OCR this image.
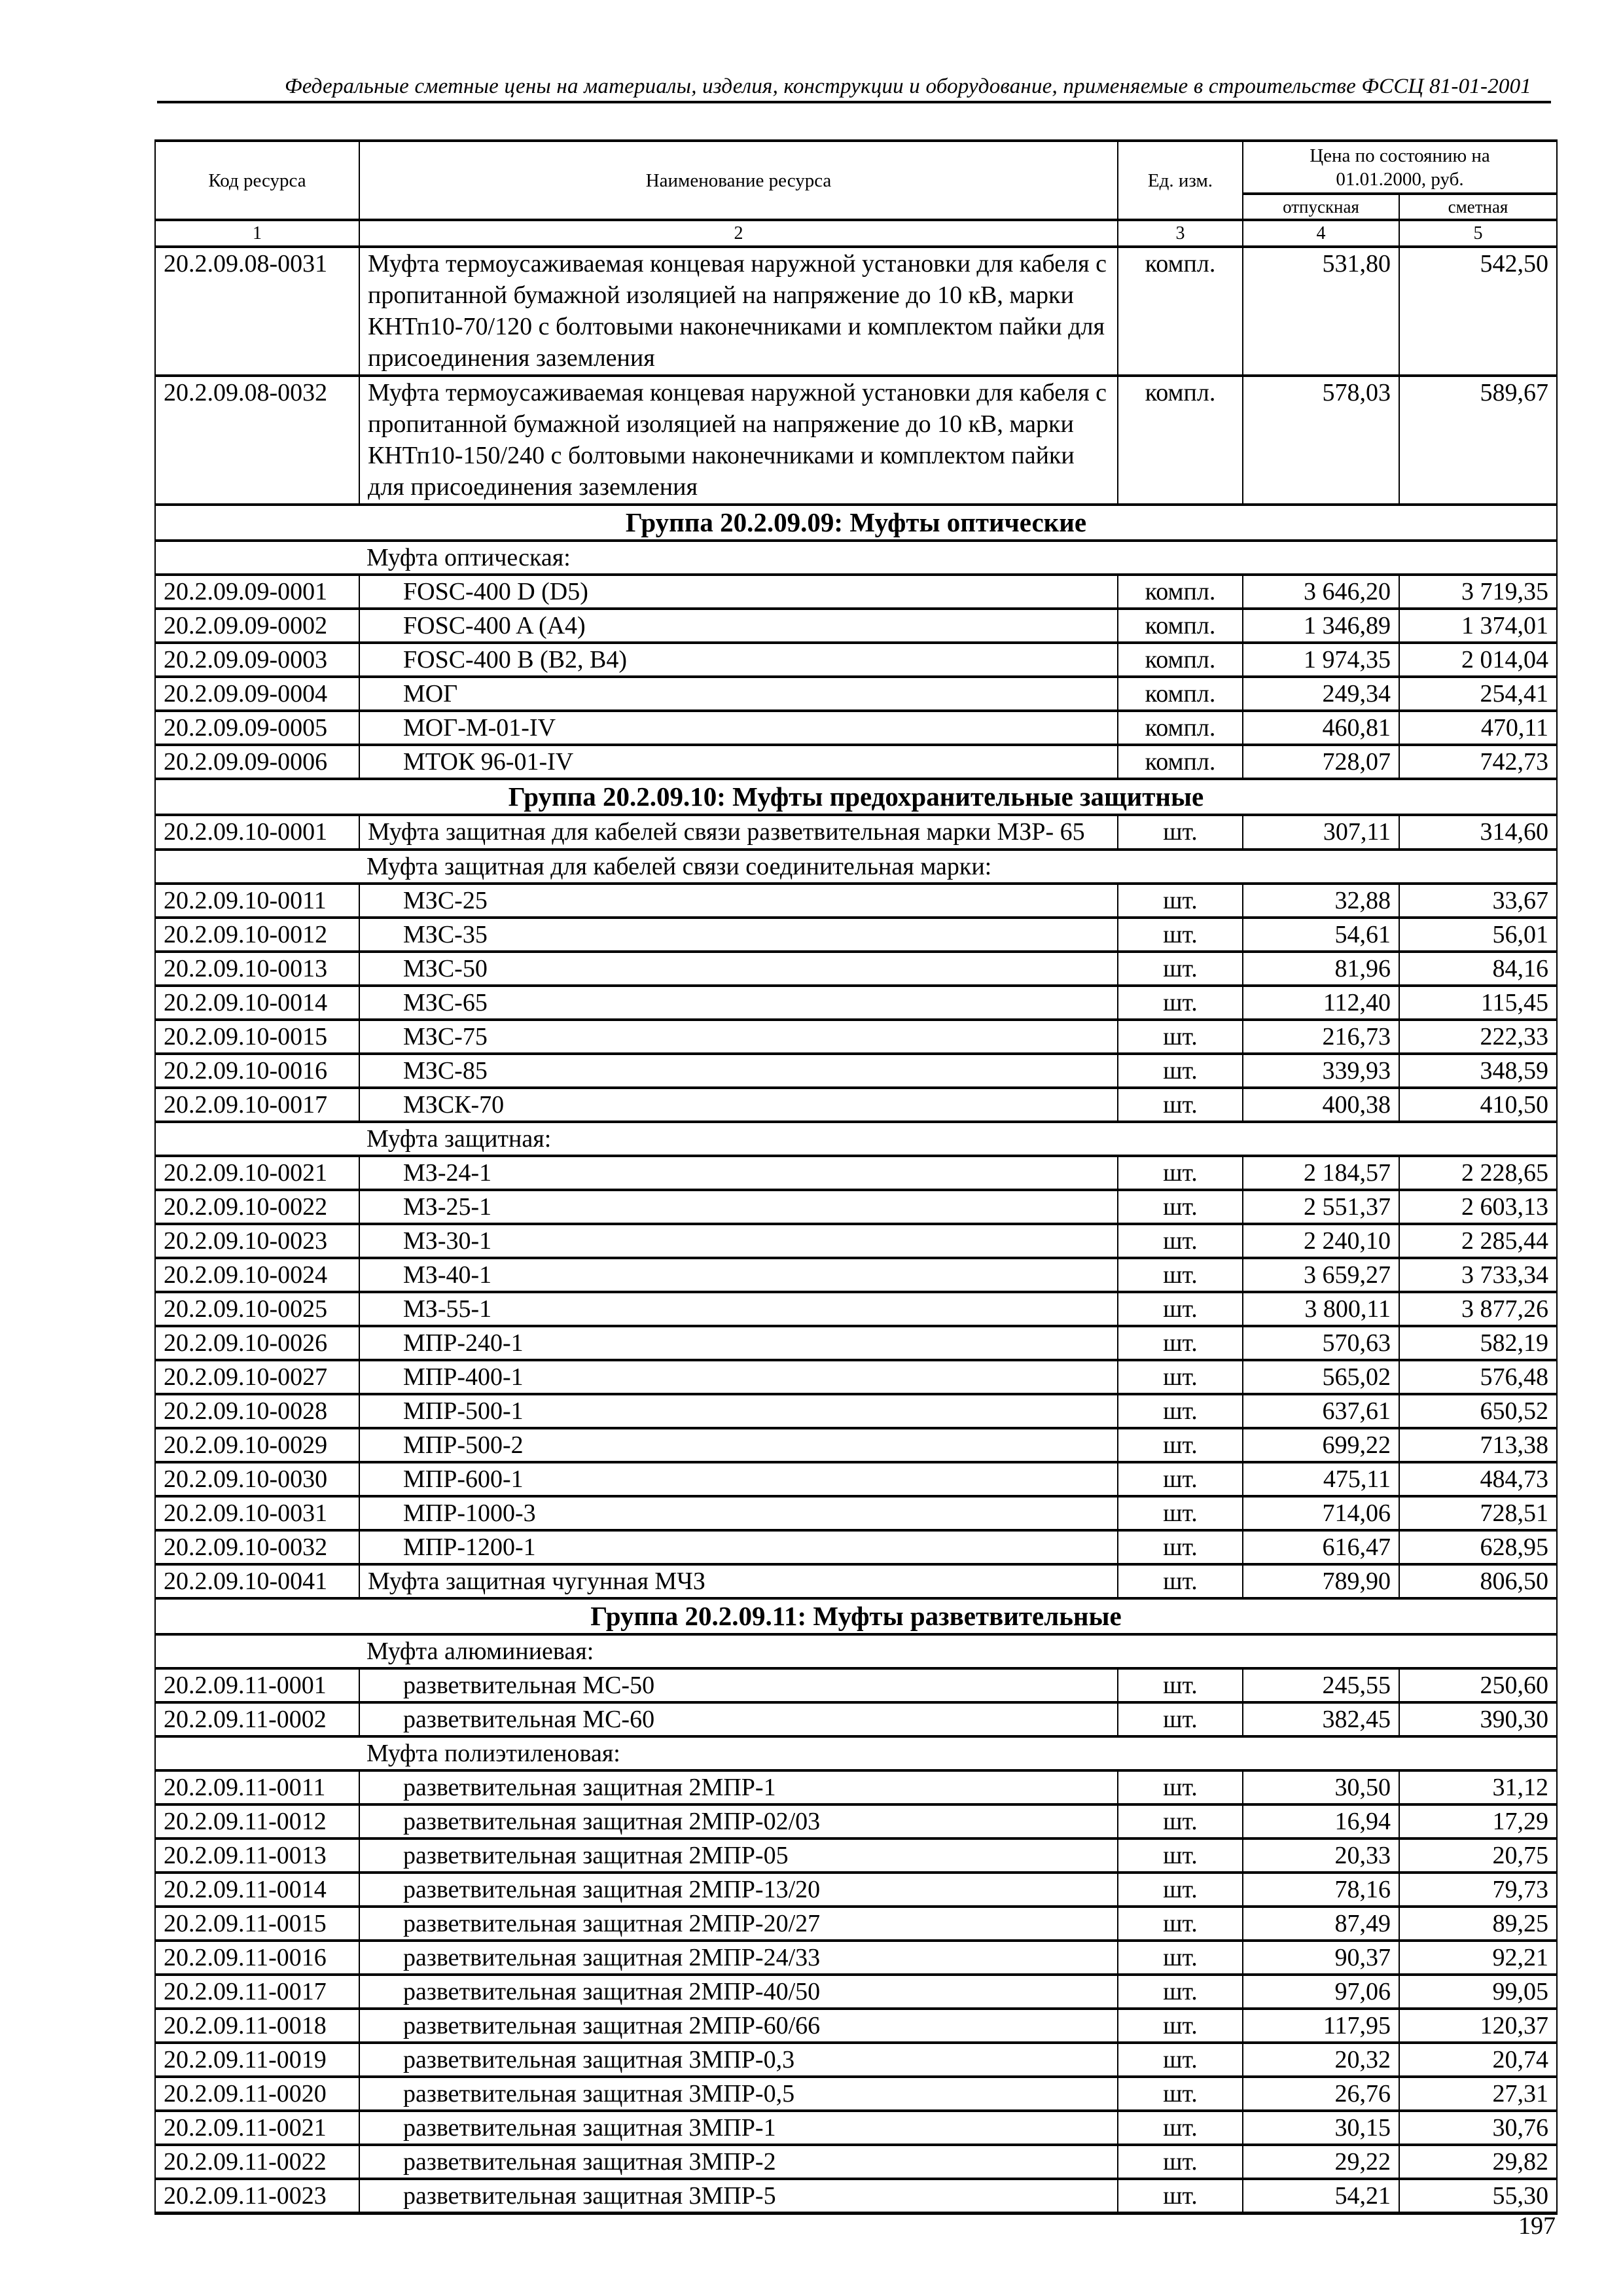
Федеральные сметные цены на материалы, изделия, конструкции и оборудование, применяемые в строительстве ФССЦ 81-01-2001
Код ресурса	Наименование ресурса	Ед. изм.	Цена по состоянию на 01.01.2000, руб.	
			отпускная	сметная
1	2	3	4	5
20.2.09.08-0031	Муфта термоусаживаемая концевая наружной установки для кабеля с пропитанной бумажной изоляцией на напряжение до 10 кВ, марки КНТп10-70/120 с болтовыми наконечниками и комплектом пайки для присоединения заземления	компл.	531,80	542,50
20.2.09.08-0032	Муфта термоусаживаемая концевая наружной установки для кабеля с пропитанной бумажной изоляцией на напряжение до 10 кВ, марки КНТп10-150/240 с болтовыми наконечниками и комплектом пайки для присоединения заземления	компл.	578,03	589,67
Группа 20.2.09.09: Муфты оптические				
Муфта оптическая:				
20.2.09.09-0001	FOSC-400 D (D5)	компл.	3 646,20	3 719,35
20.2.09.09-0002	FOSC-400 A (A4)	компл.	1 346,89	1 374,01
20.2.09.09-0003	FOSC-400 B (B2, B4)	компл.	1 974,35	2 014,04
20.2.09.09-0004	МОГ	компл.	249,34	254,41
20.2.09.09-0005	МОГ-М-01-IV	компл.	460,81	470,11
20.2.09.09-0006	МТОК 96-01-IV	компл.	728,07	742,73
Группа 20.2.09.10: Муфты предохранительные защитные				
20.2.09.10-0001	Муфта защитная для кабелей связи разветвительная марки МЗР- 65	шт.	307,11	314,60
Муфта защитная для кабелей связи соединительная марки:				
20.2.09.10-0011	МЗС-25	шт.	32,88	33,67
20.2.09.10-0012	МЗС-35	шт.	54,61	56,01
20.2.09.10-0013	МЗС-50	шт.	81,96	84,16
20.2.09.10-0014	МЗС-65	шт.	112,40	115,45
20.2.09.10-0015	МЗС-75	шт.	216,73	222,33
20.2.09.10-0016	МЗС-85	шт.	339,93	348,59
20.2.09.10-0017	МЗСК-70	шт.	400,38	410,50
Муфта защитная:				
20.2.09.10-0021	МЗ-24-1	шт.	2 184,57	2 228,65
20.2.09.10-0022	МЗ-25-1	шт.	2 551,37	2 603,13
20.2.09.10-0023	МЗ-30-1	шт.	2 240,10	2 285,44
20.2.09.10-0024	МЗ-40-1	шт.	3 659,27	3 733,34
20.2.09.10-0025	МЗ-55-1	шт.	3 800,11	3 877,26
20.2.09.10-0026	МПР-240-1	шт.	570,63	582,19
20.2.09.10-0027	МПР-400-1	шт.	565,02	576,48
20.2.09.10-0028	МПР-500-1	шт.	637,61	650,52
20.2.09.10-0029	МПР-500-2	шт.	699,22	713,38
20.2.09.10-0030	МПР-600-1	шт.	475,11	484,73
20.2.09.10-0031	МПР-1000-3	шт.	714,06	728,51
20.2.09.10-0032	МПР-1200-1	шт.	616,47	628,95
20.2.09.10-0041	Муфта защитная чугунная МЧЗ	шт.	789,90	806,50
Группа 20.2.09.11: Муфты разветвительные				
Муфта алюминиевая:				
20.2.09.11-0001	разветвительная МС-50	шт.	245,55	250,60
20.2.09.11-0002	разветвительная МС-60	шт.	382,45	390,30
Муфта полиэтиленовая:				
20.2.09.11-0011	разветвительная защитная 2МПР-1	шт.	30,50	31,12
20.2.09.11-0012	разветвительная защитная 2МПР-02/03	шт.	16,94	17,29
20.2.09.11-0013	разветвительная защитная 2МПР-05	шт.	20,33	20,75
20.2.09.11-0014	разветвительная защитная 2МПР-13/20	шт.	78,16	79,73
20.2.09.11-0015	разветвительная защитная 2МПР-20/27	шт.	87,49	89,25
20.2.09.11-0016	разветвительная защитная 2МПР-24/33	шт.	90,37	92,21
20.2.09.11-0017	разветвительная защитная 2МПР-40/50	шт.	97,06	99,05
20.2.09.11-0018	разветвительная защитная 2МПР-60/66	шт.	117,95	120,37
20.2.09.11-0019	разветвительная защитная 3МПР-0,3	шт.	20,32	20,74
20.2.09.11-0020	разветвительная защитная 3МПР-0,5	шт.	26,76	27,31
20.2.09.11-0021	разветвительная защитная 3МПР-1	шт.	30,15	30,76
20.2.09.11-0022	разветвительная защитная 3МПР-2	шт.	29,22	29,82
20.2.09.11-0023	разветвительная защитная 3МПР-5	шт.	54,21	55,30
197
